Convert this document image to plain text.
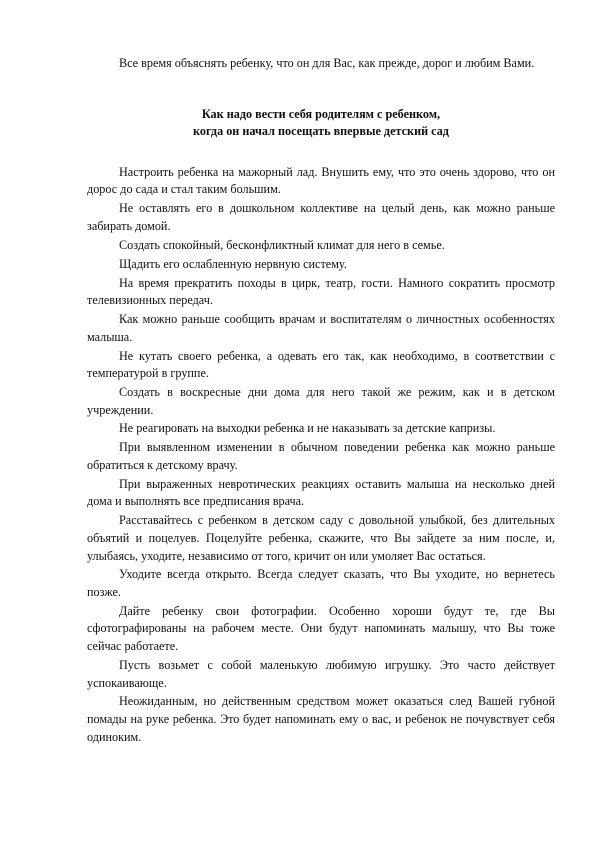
Все время объяснять ребенку, что он для Вас, как прежде, дорог и любим Вами.

Как надо вести себя родителям с ребенком,
когда он начал посещать впервые детский сад

Настроить ребенка на мажорный лад. Внушить ему, что это очень здорово, что он дорос до сада и стал таким большим.

Не оставлять его в дошкольном коллективе на целый день, как можно раньше забирать домой.

Создать спокойный, бесконфликтный климат для него в семье.

Щадить его ослабленную нервную систему.

На время прекратить походы в цирк, театр, гости. Намного сократить просмотр телевизионных передач.

Как можно раньше сообщить врачам и воспитателям о личностных особенностях малыша.

Не кутать своего ребенка, а одевать его так, как необходимо, в соответствии с температурой в группе.

Создать в воскресные дни дома для него такой же режим, как и в детском учреждении.

Не реагировать на выходки ребенка и не наказывать за детские капризы.

При выявленном изменении в обычном поведении ребенка как можно раньше обратиться к детскому врачу.

При выраженных невротических реакциях оставить малыша на несколько дней дома и выполнять все предписания врача.

Расставайтесь с ребенком в детском саду с довольной улыбкой, без длительных объятий и поцелуев. Поцелуйте ребенка, скажите, что Вы зайдете за ним после, и, улыбаясь, уходите, независимо от того, кричит он или умоляет Вас остаться.

Уходите всегда открыто. Всегда следует сказать, что Вы уходите, но вернетесь позже.

Дайте ребенку свои фотографии. Особенно хороши будут те, где Вы сфотографированы на рабочем месте. Они будут напоминать малышу, что Вы тоже сейчас работаете.

Пусть возьмет с собой маленькую любимую игрушку. Это часто действует успокаивающе.

Неожиданным, но действенным средством может оказаться след Вашей губной помады на руке ребенка. Это будет напоминать ему о вас, и ребенок не почувствует себя одиноким.
